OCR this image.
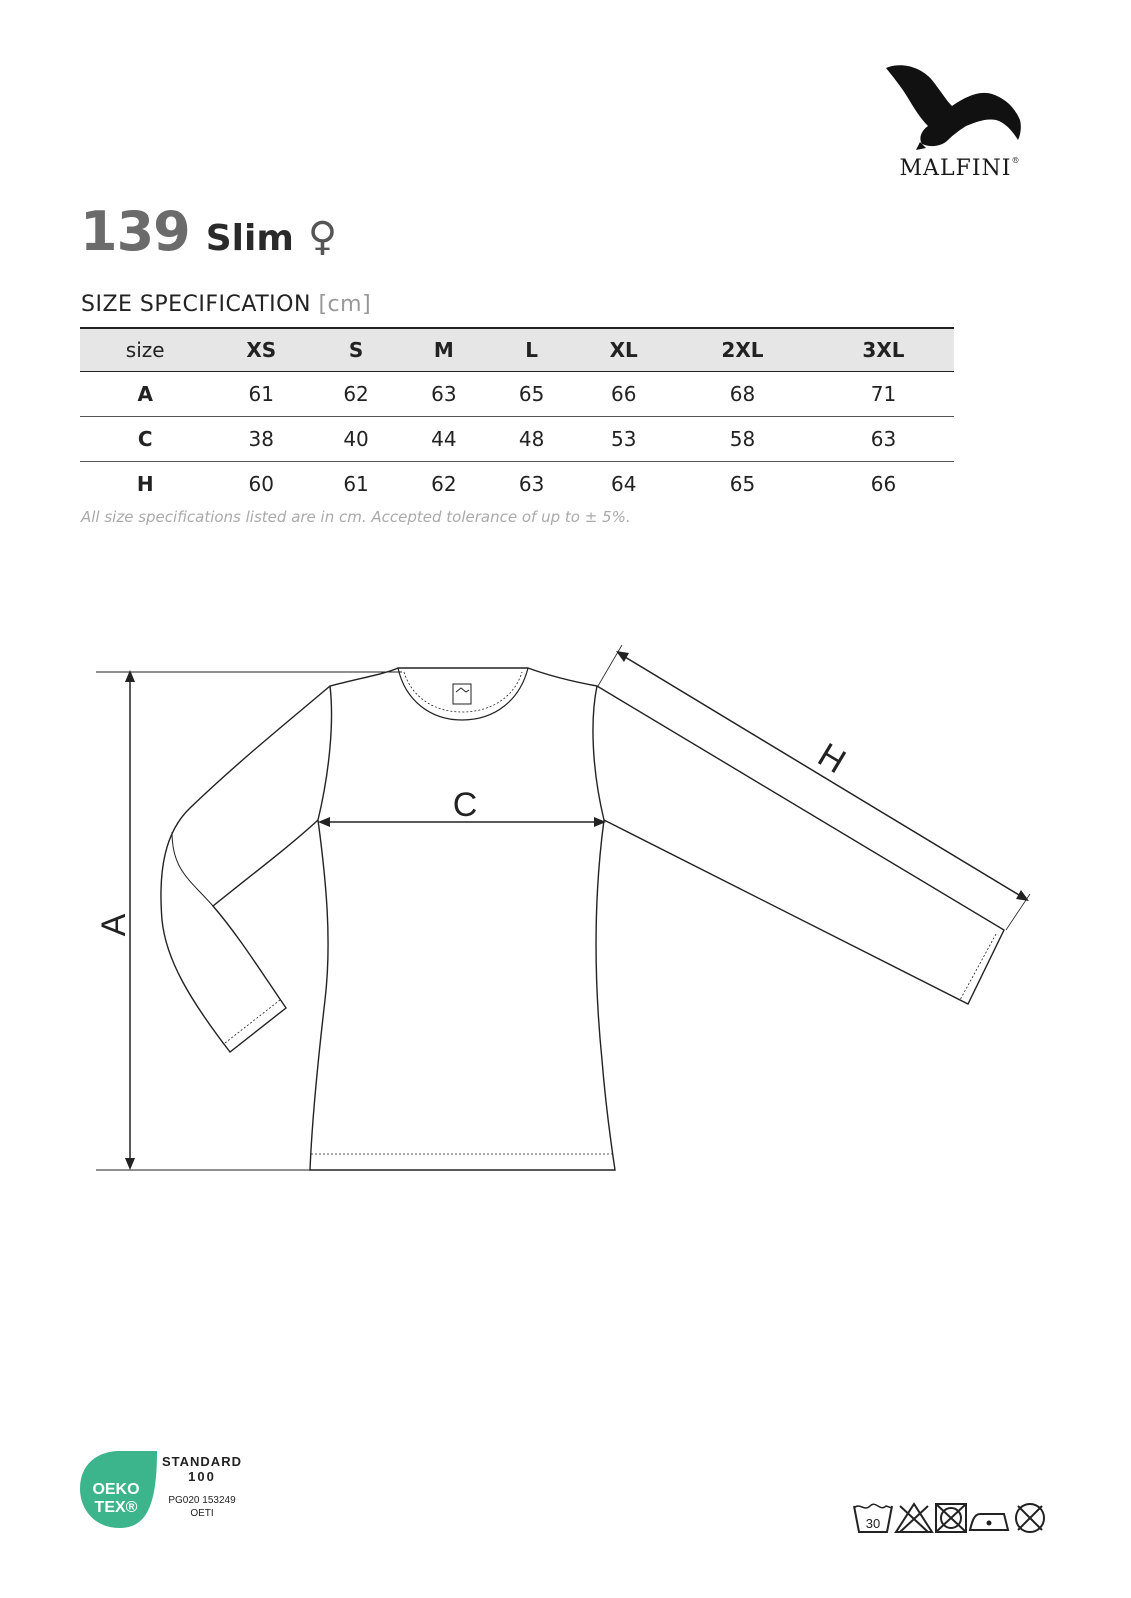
MALFINI®
139 Slim ♀
SIZE SPECIFICATION [cm]
size	XS	S	M	L	XL	2XL	3XL
A	61	62	63	65	66	68	71
C	38	40	44	48	53	58	63
H	60	61	62	63	64	65	66
All size specifications listed are in cm. Accepted tolerance of up to ± 5%.
A
C
H
OEKO
TEX®
STANDARD
100
PG020 153249
OETI
30
